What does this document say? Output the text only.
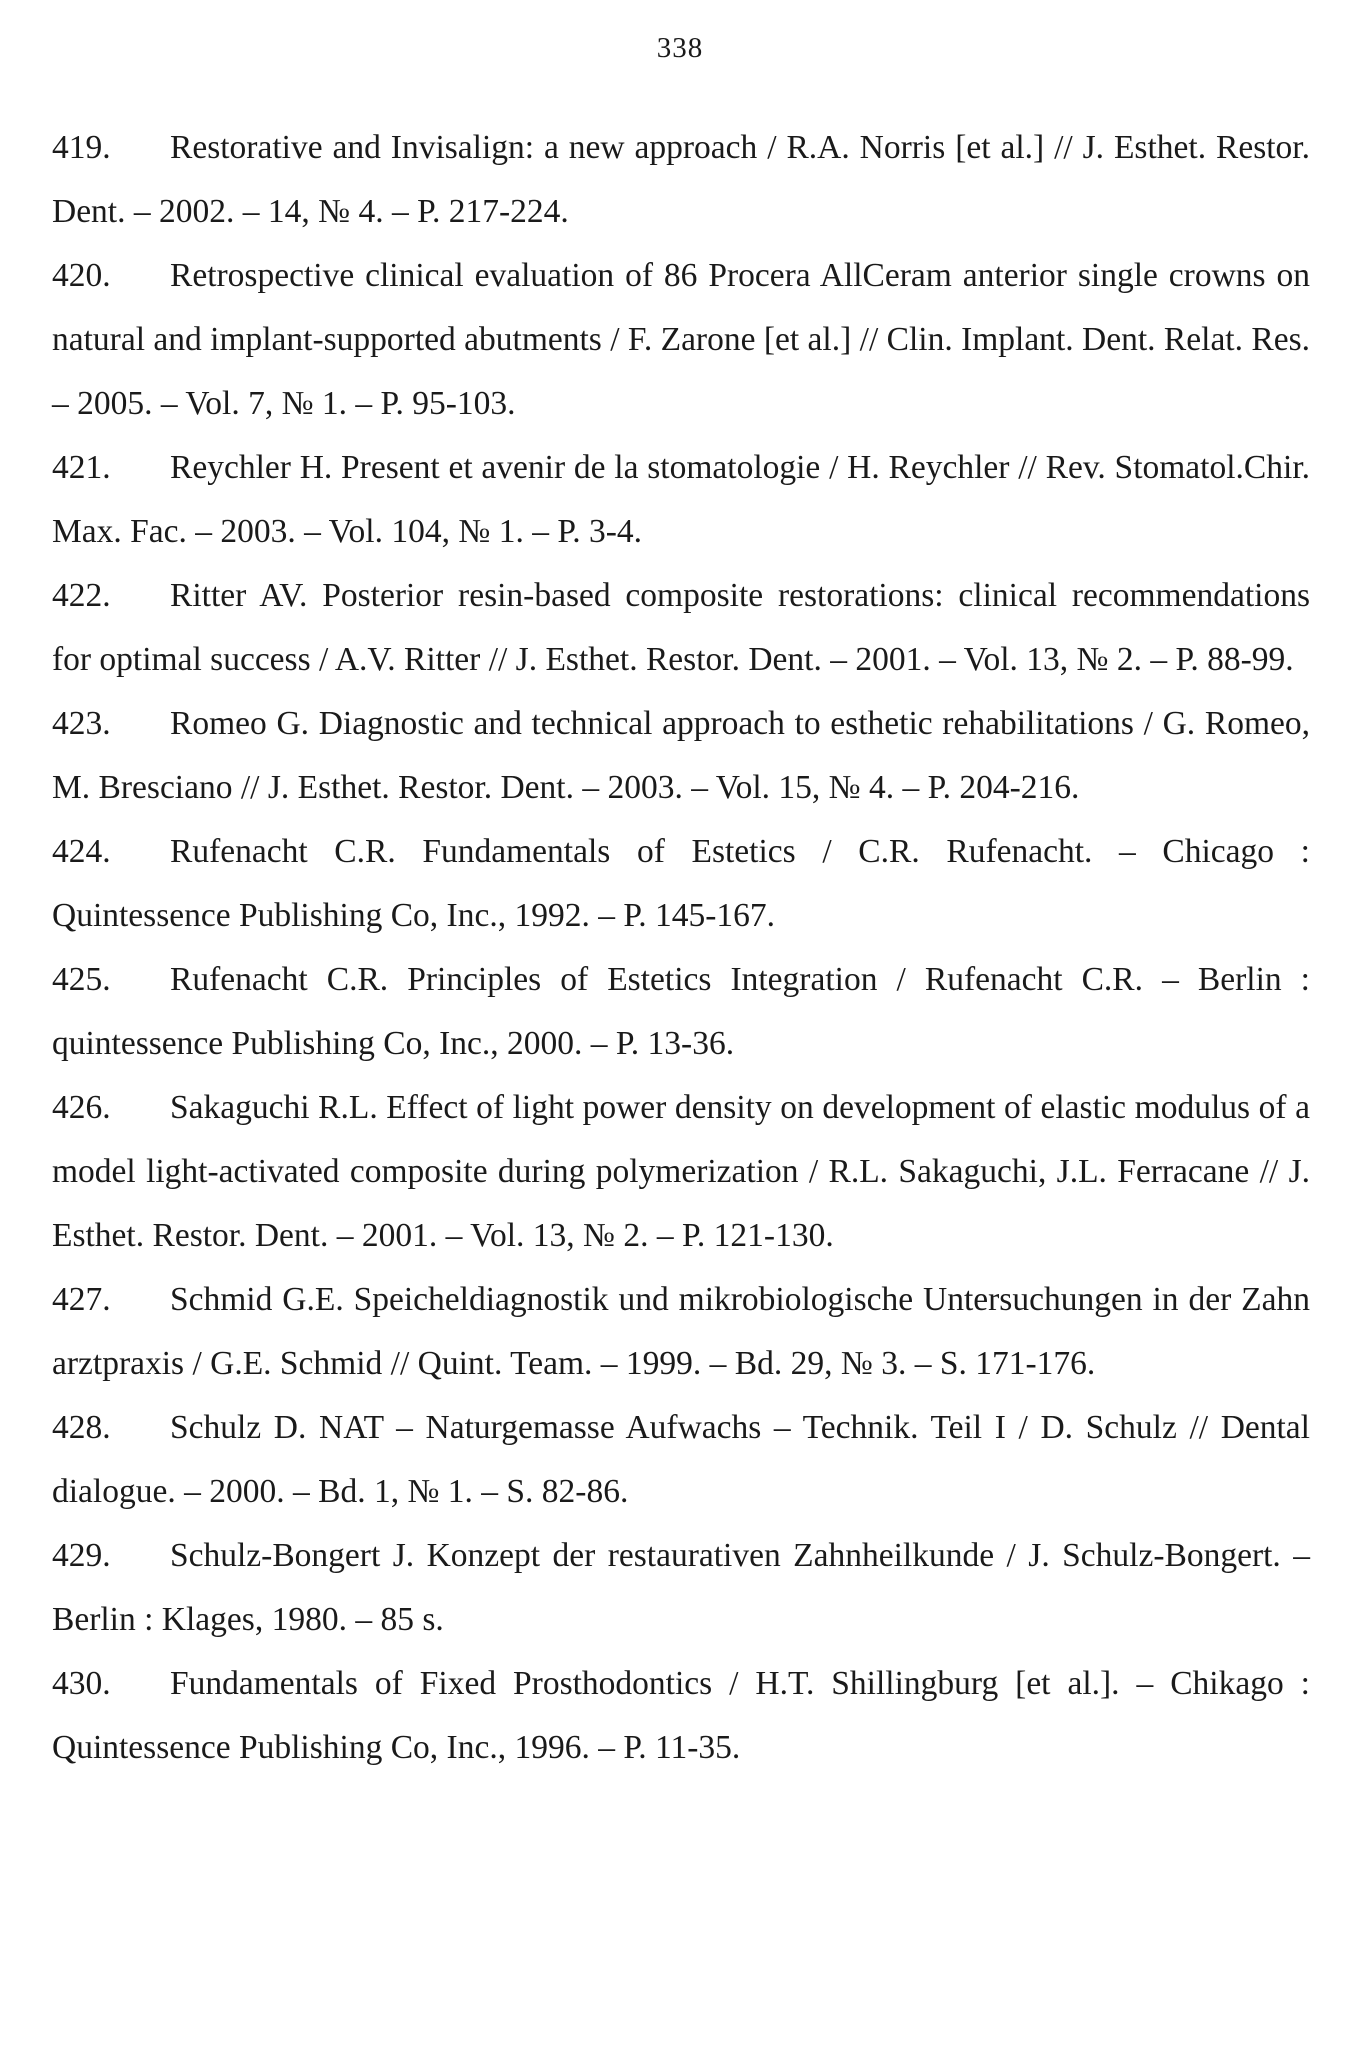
338
419. Restorative and Invisalign: a new approach / R.A. Norris [et al.] // J. Esthet. Restor. Dent. – 2002. – 14, № 4. – P. 217-224.
420. Retrospective clinical evaluation of 86 Procera AllCeram anterior single crowns on natural and implant-supported abutments / F. Zarone [et al.] // Clin. Implant. Dent. Relat. Res. – 2005. – Vol. 7, № 1. – P. 95-103.
421. Reychler H. Present et avenir de la stomatologie / H. Reychler // Rev. Stomatol.Chir. Max. Fac. – 2003. – Vol. 104, № 1. – P. 3-4.
422. Ritter AV. Posterior resin-based composite restorations: clinical recommendations for optimal success / A.V. Ritter // J. Esthet. Restor. Dent. – 2001. – Vol. 13, № 2. – P. 88-99.
423. Romeo G. Diagnostic and technical approach to esthetic rehabilitations / G. Romeo, M. Bresciano // J. Esthet. Restor. Dent. – 2003. – Vol. 15, № 4. – P. 204-216.
424. Rufenacht C.R. Fundamentals of Estetics / C.R. Rufenacht. – Chicago : Quintessence Publishing Co, Inc., 1992. – P. 145-167.
425. Rufenacht C.R. Principles of Estetics Integration / Rufenacht C.R. – Berlin : quintessence Publishing Co, Inc., 2000. – P. 13-36.
426. Sakaguchi R.L. Effect of light power density on development of elastic modulus of a model light-activated composite during polymerization / R.L. Sakaguchi, J.L. Ferracane // J. Esthet. Restor. Dent. – 2001. – Vol. 13, № 2. – P. 121-130.
427. Schmid G.E. Speicheldiagnostik und mikrobiologische Untersuchungen in der Zahn arztpraxis / G.E. Schmid // Quint. Team. – 1999. – Bd. 29, № 3. – S. 171-176.
428. Schulz D. NAT – Naturgemasse Aufwachs – Technik. Teil I / D. Schulz // Dental dialogue. – 2000. – Bd. 1, № 1. – S. 82-86.
429. Schulz-Bongert J. Konzept der restaurativen Zahnheilkunde / J. Schulz-Bongert. – Berlin : Klages, 1980. – 85 s.
430. Fundamentals of Fixed Prosthodontics / H.T. Shillingburg [et al.]. – Chikago : Quintessence Publishing Co, Inc., 1996. – P. 11-35.
